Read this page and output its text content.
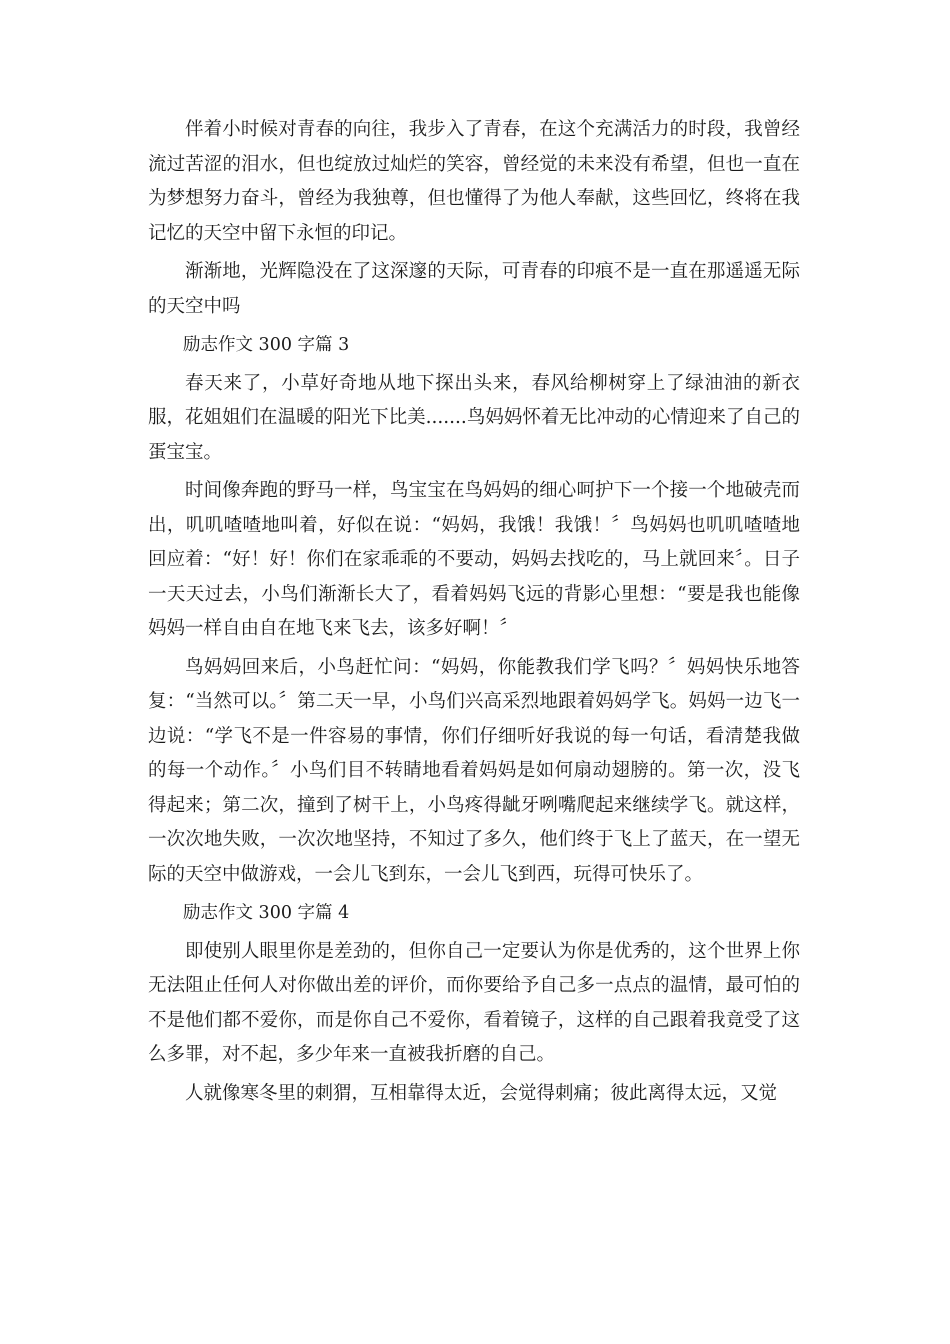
伴着小时候对青春的向往，我步入了青春，在这个充满活力的时段，我曾经流过苦涩的泪水，但也绽放过灿烂的笑容，曾经觉的未来没有希望，但也一直在为梦想努力奋斗，曾经为我独尊，但也懂得了为他人奉献，这些回忆，终将在我记忆的天空中留下永恒的印记。

渐渐地，光辉隐没在了这深邃的天际，可青春的印痕不是一直在那遥遥无际的天空中吗

励志作文 300 字篇 3

春天来了，小草好奇地从地下探出头来，春风给柳树穿上了绿油油的新衣服，花姐姐们在温暖的阳光下比美.......鸟妈妈怀着无比冲动的心情迎来了自己的蛋宝宝。

时间像奔跑的野马一样，鸟宝宝在鸟妈妈的细心呵护下一个接一个地破壳而出，叽叽喳喳地叫着，好似在说：“妈妈，我饿！我饿！〞鸟妈妈也叽叽喳喳地回应着：“好！好！你们在家乖乖的不要动，妈妈去找吃的，马上就回来〞。日子一天天过去，小鸟们渐渐长大了，看着妈妈飞远的背影心里想：“要是我也能像妈妈一样自由自在地飞来飞去，该多好啊！〞

鸟妈妈回来后，小鸟赶忙问：“妈妈，你能教我们学飞吗？〞妈妈快乐地答复：“当然可以。〞第二天一早，小鸟们兴高采烈地跟着妈妈学飞。妈妈一边飞一边说：“学飞不是一件容易的事情，你们仔细听好我说的每一句话，看清楚我做的每一个动作。〞小鸟们目不转睛地看着妈妈是如何扇动翅膀的。第一次，没飞得起来；第二次，撞到了树干上，小鸟疼得龇牙咧嘴爬起来继续学飞。就这样，一次次地失败，一次次地坚持，不知过了多久，他们终于飞上了蓝天，在一望无际的天空中做游戏，一会儿飞到东，一会儿飞到西，玩得可快乐了。

励志作文 300 字篇 4

即使别人眼里你是差劲的，但你自己一定要认为你是优秀的，这个世界上你无法阻止任何人对你做出差的评价，而你要给予自己多一点点的温情，最可怕的不是他们都不爱你，而是你自己不爱你，看着镜子，这样的自己跟着我竟受了这么多罪，对不起，多少年来一直被我折磨的自己。

人就像寒冬里的刺猬，互相靠得太近，会觉得刺痛；彼此离得太远，又觉
